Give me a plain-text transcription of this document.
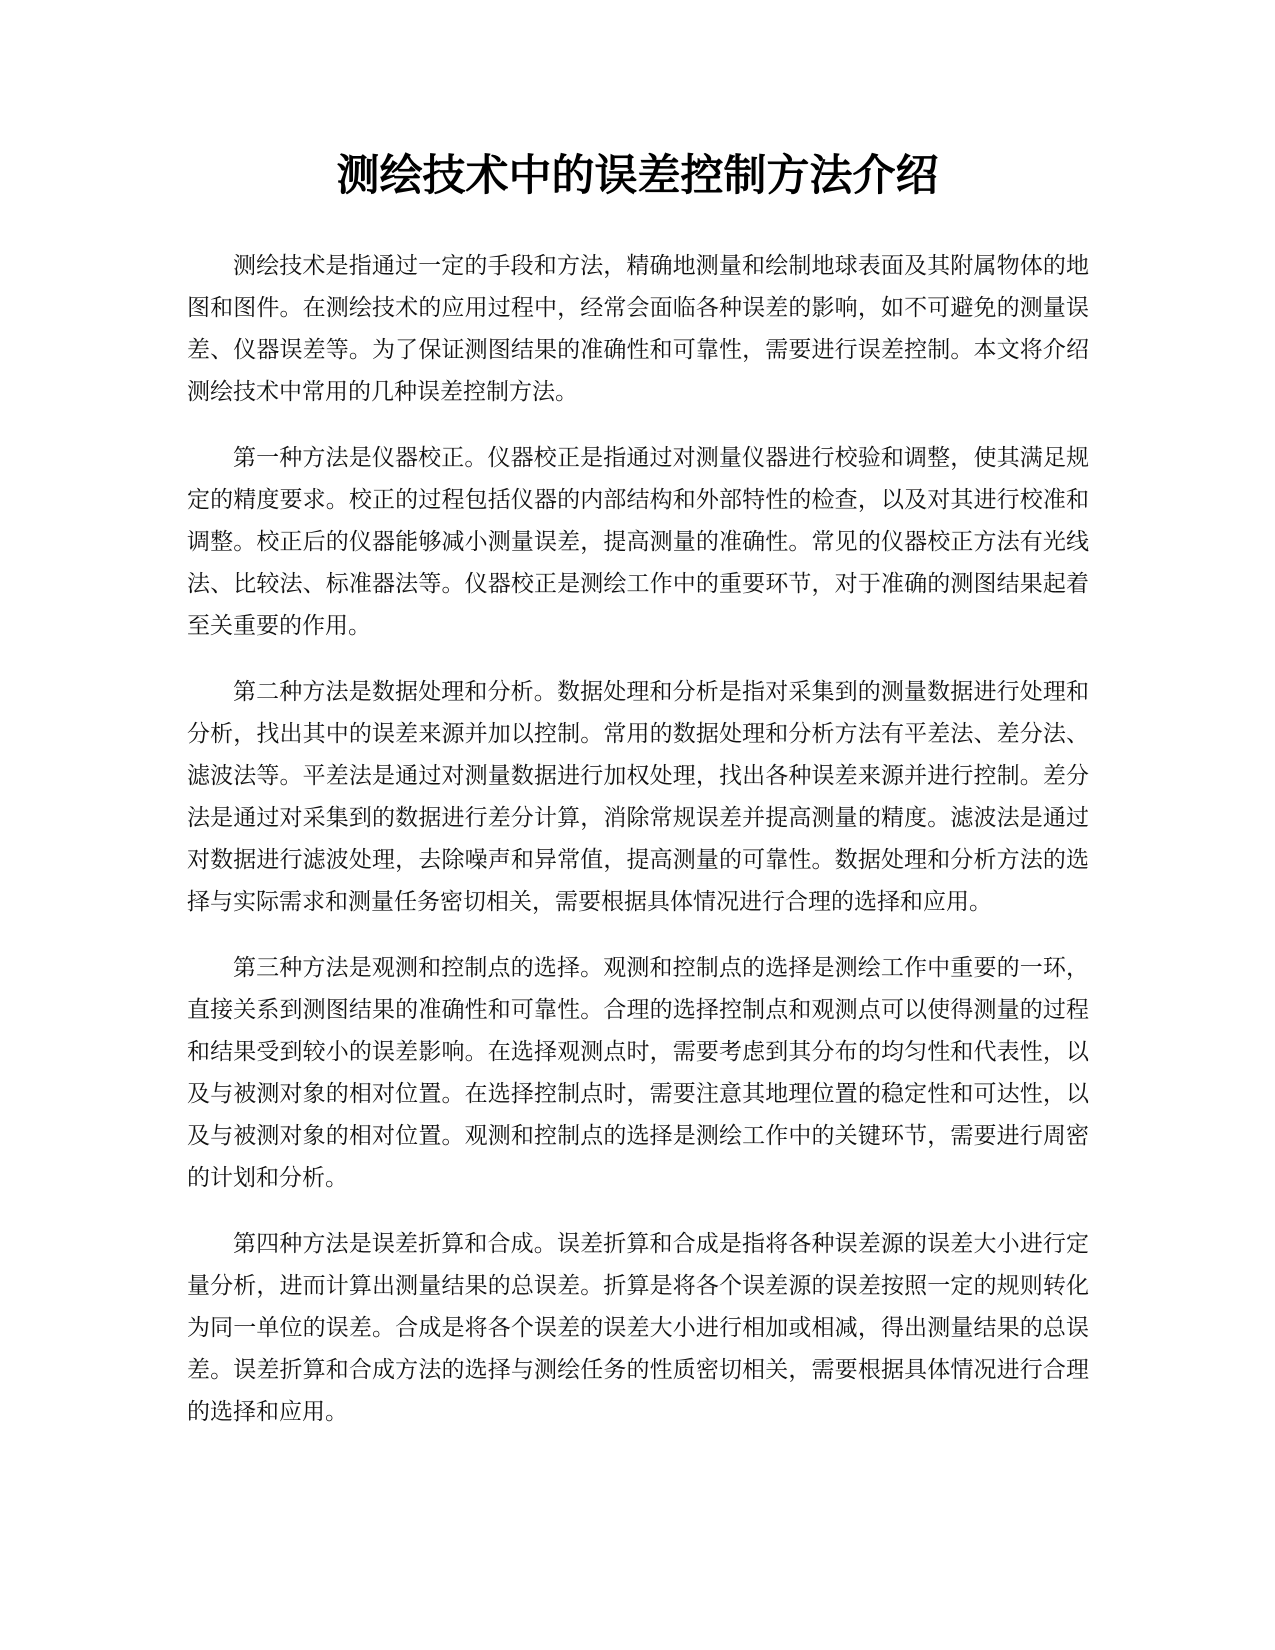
测绘技术中的误差控制方法介绍

测绘技术是指通过一定的手段和方法，精确地测量和绘制地球表面及其附属物体的地图和图件。在测绘技术的应用过程中，经常会面临各种误差的影响，如不可避免的测量误差、仪器误差等。为了保证测图结果的准确性和可靠性，需要进行误差控制。本文将介绍测绘技术中常用的几种误差控制方法。

第一种方法是仪器校正。仪器校正是指通过对测量仪器进行校验和调整，使其满足规定的精度要求。校正的过程包括仪器的内部结构和外部特性的检查，以及对其进行校准和调整。校正后的仪器能够减小测量误差，提高测量的准确性。常见的仪器校正方法有光线法、比较法、标准器法等。仪器校正是测绘工作中的重要环节，对于准确的测图结果起着至关重要的作用。

第二种方法是数据处理和分析。数据处理和分析是指对采集到的测量数据进行处理和分析，找出其中的误差来源并加以控制。常用的数据处理和分析方法有平差法、差分法、滤波法等。平差法是通过对测量数据进行加权处理，找出各种误差来源并进行控制。差分法是通过对采集到的数据进行差分计算，消除常规误差并提高测量的精度。滤波法是通过对数据进行滤波处理，去除噪声和异常值，提高测量的可靠性。数据处理和分析方法的选择与实际需求和测量任务密切相关，需要根据具体情况进行合理的选择和应用。

第三种方法是观测和控制点的选择。观测和控制点的选择是测绘工作中重要的一环，直接关系到测图结果的准确性和可靠性。合理的选择控制点和观测点可以使得测量的过程和结果受到较小的误差影响。在选择观测点时，需要考虑到其分布的均匀性和代表性，以及与被测对象的相对位置。在选择控制点时，需要注意其地理位置的稳定性和可达性，以及与被测对象的相对位置。观测和控制点的选择是测绘工作中的关键环节，需要进行周密的计划和分析。

第四种方法是误差折算和合成。误差折算和合成是指将各种误差源的误差大小进行定量分析，进而计算出测量结果的总误差。折算是将各个误差源的误差按照一定的规则转化为同一单位的误差。合成是将各个误差的误差大小进行相加或相减，得出测量结果的总误差。误差折算和合成方法的选择与测绘任务的性质密切相关，需要根据具体情况进行合理的选择和应用。
